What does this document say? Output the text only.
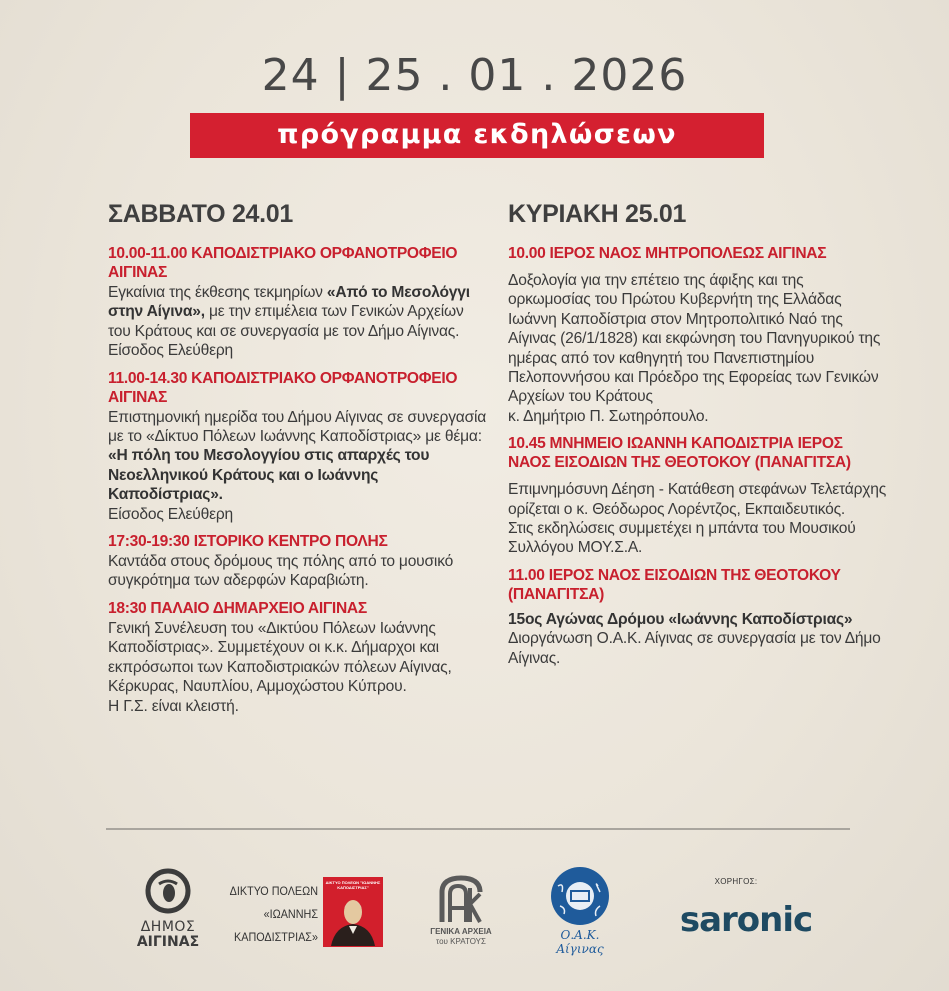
24 | 25 . 01 . 2026
πρόγραμμα εκδηλώσεων
ΣΑΒΒΑΤΟ 24.01
10.00-11.00 ΚΑΠΟΔΙΣΤΡΙΑΚΟ ΟΡΦΑΝΟΤΡΟΦΕΙΟ ΑΙΓΙΝΑΣ
Εγκαίνια της έκθεσης τεκμηρίων «Από το Μεσολόγγι στην Αίγινα», με την επιμέλεια των Γενικών Αρχείων του Κράτους και σε συνεργασία με τον Δήμο Αίγινας.
Είσοδος Ελεύθερη
11.00-14.30 ΚΑΠΟΔΙΣΤΡΙΑΚΟ ΟΡΦΑΝΟΤΡΟΦΕΙΟ ΑΙΓΙΝΑΣ
Επιστημονική ημερίδα του Δήμου Αίγινας σε συνεργασία με το «Δίκτυο Πόλεων Ιωάννης Καποδίστριας» με θέμα:
«Η πόλη του Μεσολογγίου στις απαρχές του Νεοελληνικού Κράτους και ο Ιωάννης Καποδίστριας».
Είσοδος Ελεύθερη
17:30-19:30 ΙΣΤΟΡΙΚΟ ΚΕΝΤΡΟ ΠΟΛΗΣ
Καντάδα στους δρόμους της πόλης από το μουσικό συγκρότημα των αδερφών Καραβιώτη.
18:30 ΠΑΛΑΙΟ ΔΗΜΑΡΧΕΙΟ ΑΙΓΙΝΑΣ
Γενική Συνέλευση του «Δικτύου Πόλεων Ιωάννης Καποδίστριας». Συμμετέχουν οι κ.κ. Δήμαρχοι και εκπρόσωποι των Καποδιστριακών πόλεων Αίγινας, Κέρκυρας, Ναυπλίου, Αμμοχώστου Κύπρου.
Η Γ.Σ. είναι κλειστή.
ΚΥΡΙΑΚΗ 25.01
10.00 ΙΕΡΟΣ ΝΑΟΣ ΜΗΤΡΟΠΟΛΕΩΣ ΑΙΓΙΝΑΣ
Δοξολογία για την επέτειο της άφιξης και της ορκωμοσίας του Πρώτου Κυβερνήτη της Ελλάδας Ιωάννη Καποδίστρια στον Μητροπολιτικό Ναό της Αίγινας (26/1/1828) και εκφώνηση του Πανηγυρικού της ημέρας από τον καθηγητή του Πανεπιστημίου Πελοποννήσου και Πρόεδρο της Εφορείας των Γενικών Αρχείων του Κράτους
κ. Δημήτριο Π. Σωτηρόπουλο.
10.45 ΜΝΗΜΕΙΟ ΙΩΑΝΝΗ ΚΑΠΟΔΙΣΤΡΙΑ ΙΕΡΟΣ ΝΑΟΣ ΕΙΣΟΔΙΩΝ ΤΗΣ ΘΕΟΤΟΚΟΥ (ΠΑΝΑΓΙΤΣΑ)
Επιμνημόσυνη Δέηση - Κατάθεση στεφάνων Τελετάρχης ορίζεται ο κ. Θεόδωρος Λορέντζος, Εκπαιδευτικός.
Στις εκδηλώσεις συμμετέχει η μπάντα του Μουσικού Συλλόγου ΜΟΥ.Σ.Α.
11.00 ΙΕΡΟΣ ΝΑΟΣ ΕΙΣΟΔΙΩΝ ΤΗΣ ΘΕΟΤΟΚΟΥ (ΠΑΝΑΓΙΤΣΑ)
15ος Αγώνας Δρόμου «Ιωάννης Καποδίστριας»
Διοργάνωση Ο.Α.Κ. Αίγινας σε συνεργασία με τον Δήμο Αίγινας.
ΔΗΜΟΣ
ΑΙΓΙΝΑΣ
ΔΙΚΤΥΟ ΠΟΛΕΩΝ
«ΙΩΑΝΝΗΣ
ΚΑΠΟΔΙΣΤΡΙΑΣ»
ΔΙΚΤΥΟ ΠΟΛΕΩΝ "ΙΩΑΝΝΗΣ ΚΑΠΟΔΙΣΤΡΙΑΣ"
ΓΕΝΙΚΑ ΑΡΧΕΙΑ
του ΚΡΑΤΟΥΣ	Ο.Α.Κ. Αίγινας
ΧΟΡΗΓΟΣ:
saronic
